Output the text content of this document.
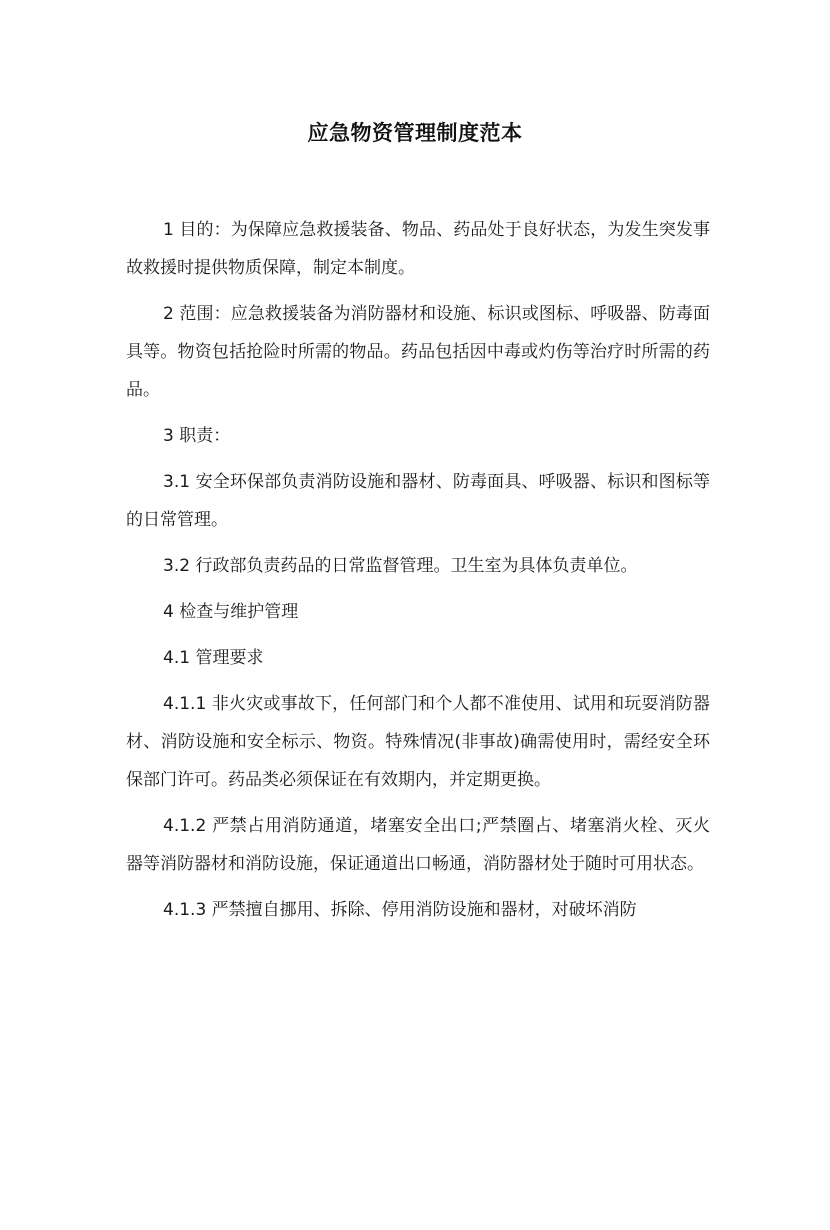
应急物资管理制度范本

1 目的：为保障应急救援装备、物品、药品处于良好状态，为发生突发事故救援时提供物质保障，制定本制度。

2 范围：应急救援装备为消防器材和设施、标识或图标、呼吸器、防毒面具等。物资包括抢险时所需的物品。药品包括因中毒或灼伤等治疗时所需的药品。

3 职责：

3.1 安全环保部负责消防设施和器材、防毒面具、呼吸器、标识和图标等的日常管理。

3.2 行政部负责药品的日常监督管理。卫生室为具体负责单位。

4 检查与维护管理

4.1 管理要求

4.1.1 非火灾或事故下，任何部门和个人都不准使用、试用和玩耍消防器材、消防设施和安全标示、物资。特殊情况(非事故)确需使用时，需经安全环保部门许可。药品类必须保证在有效期内，并定期更换。

4.1.2 严禁占用消防通道，堵塞安全出口;严禁圈占、堵塞消火栓、灭火器等消防器材和消防设施，保证通道出口畅通，消防器材处于随时可用状态。

4.1.3 严禁擅自挪用、拆除、停用消防设施和器材，对破坏消防
